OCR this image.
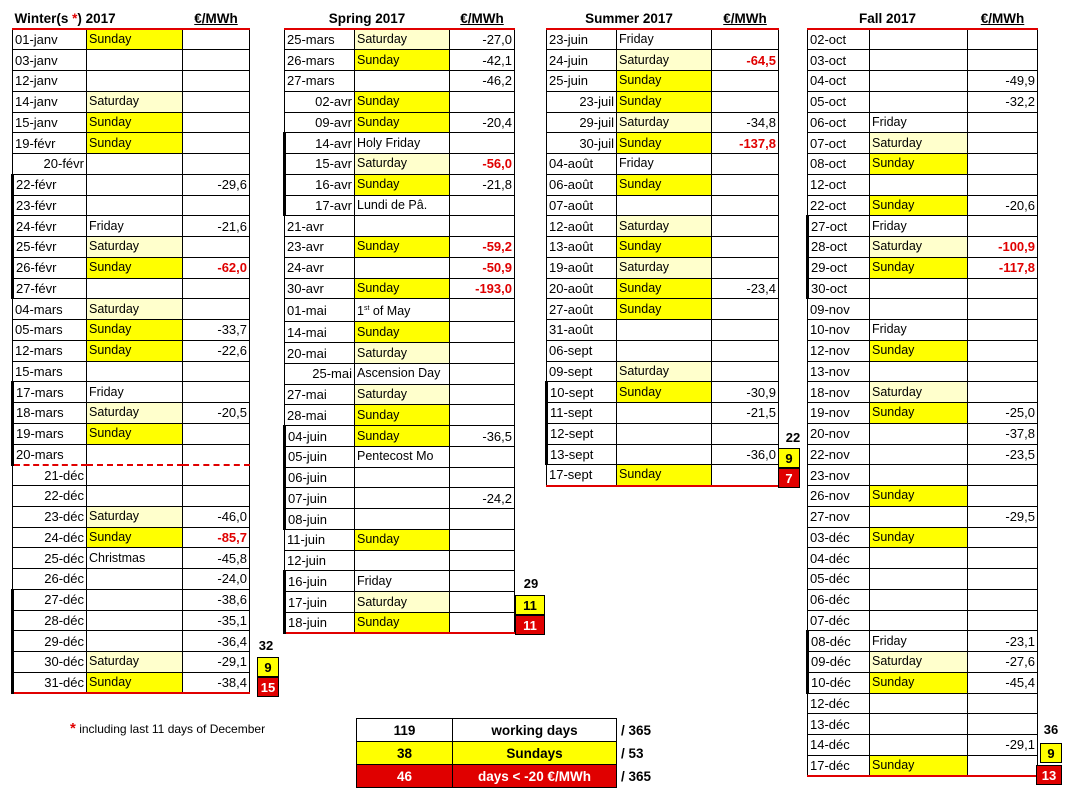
Winter(s *) 2017		€/MWh
01-janv	Sunday	
03-janv		
12-janv		
14-janv	Saturday	
15-janv	Sunday	
19-févr	Sunday	
20-févr		
22-févr		-29,6
23-févr		
24-févr	Friday	-21,6
25-févr	Saturday	
26-févr	Sunday	-62,0
27-févr		
04-mars	Saturday	
05-mars	Sunday	-33,7
12-mars	Sunday	-22,6
15-mars		
17-mars	Friday	
18-mars	Saturday	-20,5
19-mars	Sunday	
20-mars		
21-déc		
22-déc		
23-déc	Saturday	-46,0
24-déc	Sunday	-85,7
25-déc	Christmas	-45,8
26-déc		-24,0
27-déc		-38,6
28-déc		-35,1
29-déc		-36,4
30-déc	Saturday	-29,1
31-déc	Sunday	-38,4
Spring 2017		€/MWh
25-mars	Saturday	-27,0
26-mars	Sunday	-42,1
27-mars		-46,2
02-avr	Sunday	
09-avr	Sunday	-20,4
14-avr	Holy Friday	
15-avr	Saturday	-56,0
16-avr	Sunday	-21,8
17-avr	Lundi de Pâ.	
21-avr		
23-avr	Sunday	-59,2
24-avr		-50,9
30-avr	Sunday	-193,0
01-mai	1st of May	
14-mai	Sunday	
20-mai	Saturday	
25-mai	Ascension Day	
27-mai	Saturday	
28-mai	Sunday	
04-juin	Sunday	-36,5
05-juin	Pentecost Mo	
06-juin		
07-juin		-24,2
08-juin		
11-juin	Sunday	
12-juin		
16-juin	Friday	
17-juin	Saturday	
18-juin	Sunday	
Summer 2017		€/MWh
23-juin	Friday	
24-juin	Saturday	-64,5
25-juin	Sunday	
23-juil	Sunday	
29-juil	Saturday	-34,8
30-juil	Sunday	-137,8
04-août	Friday	
06-août	Sunday	
07-août		
12-août	Saturday	
13-août	Sunday	
19-août	Saturday	
20-août	Sunday	-23,4
27-août	Sunday	
31-août		
06-sept		
09-sept	Saturday	
10-sept	Sunday	-30,9
11-sept		-21,5
12-sept		
13-sept		-36,0
17-sept	Sunday	
Fall 2017		€/MWh
02-oct		
03-oct		
04-oct		-49,9
05-oct		-32,2
06-oct	Friday	
07-oct	Saturday	
08-oct	Sunday	
12-oct		
22-oct	Sunday	-20,6
27-oct	Friday	
28-oct	Saturday	-100,9
29-oct	Sunday	-117,8
30-oct		
09-nov		
10-nov	Friday	
12-nov	Sunday	
13-nov		
18-nov	Saturday	
19-nov	Sunday	-25,0
20-nov		-37,8
22-nov		-23,5
23-nov		
26-nov	Sunday	
27-nov		-29,5
03-déc	Sunday	
04-déc		
05-déc		
06-déc		
07-déc		
08-déc	Friday	-23,1
09-déc	Saturday	-27,6
10-déc	Sunday	-45,4
12-déc		
13-déc		
14-déc		-29,1
17-déc	Sunday	
32
9
15
29
11
11
22
9
7
36
9
13
* including last 11 days of December	119	working days	/ 365
38	Sundays	/ 53
46	days < -20 €/MWh	/ 365
